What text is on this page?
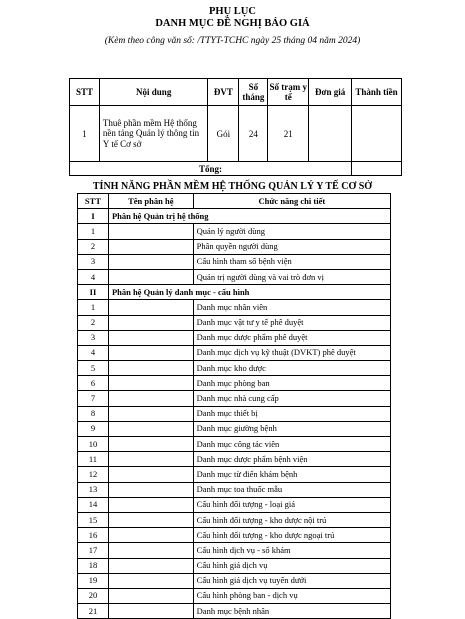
PHỤ LỤC
DANH MỤC ĐỀ NGHỊ BÁO GIÁ
(Kèm theo công văn số: /TTYT-TCHC ngày 25 tháng 04 năm 2024)
STT	Nội dung	ĐVT	Số tháng	Số trạm y tế	Đơn giá	Thành tiền
1	Thuê phần mềm Hệ thống nền tảng Quản lý thông tin Y tế Cơ sở	Gói	24	21		
Tổng:						
TÍNH NĂNG PHẦN MỀM HỆ THỐNG QUẢN LÝ Y TẾ CƠ SỞ
STT	Tên phân hệ	Chức năng chi tiết
I	Phân hệ Quản trị hệ thống	
1		Quản lý người dùng
2		Phân quyền người dùng
3		Cấu hình tham số bệnh viện
4		Quản trị người dùng và vai trò đơn vị
II	Phân hệ Quản lý danh mục - cấu hình	
1		Danh mục nhân viên
2		Danh mục vật tư y tế phê duyệt
3		Danh mục dược phẩm phê duyệt
4		Danh mục dịch vụ kỹ thuật (DVKT) phê duyệt
5		Danh mục kho dược
6		Danh mục phòng ban
7		Danh mục nhà cung cấp
8		Danh mục thiết bị
9		Danh mục giường bệnh
10		Danh mục công tác viên
11		Danh mục dược phẩm bệnh viện
12		Danh mục từ điển khám bệnh
13		Danh mục toa thuốc mẫu
14		Cấu hình đối tượng - loại giá
15		Cấu hình đối tượng - kho dược nội trú
16		Cấu hình đối tượng - kho dược ngoại trú
17		Cấu hình dịch vụ - sổ khám
18		Cấu hình giá dịch vụ
19		Cấu hình giá dịch vụ tuyến dưới
20		Cấu hình phòng ban - dịch vụ
21		Danh mục bệnh nhân
